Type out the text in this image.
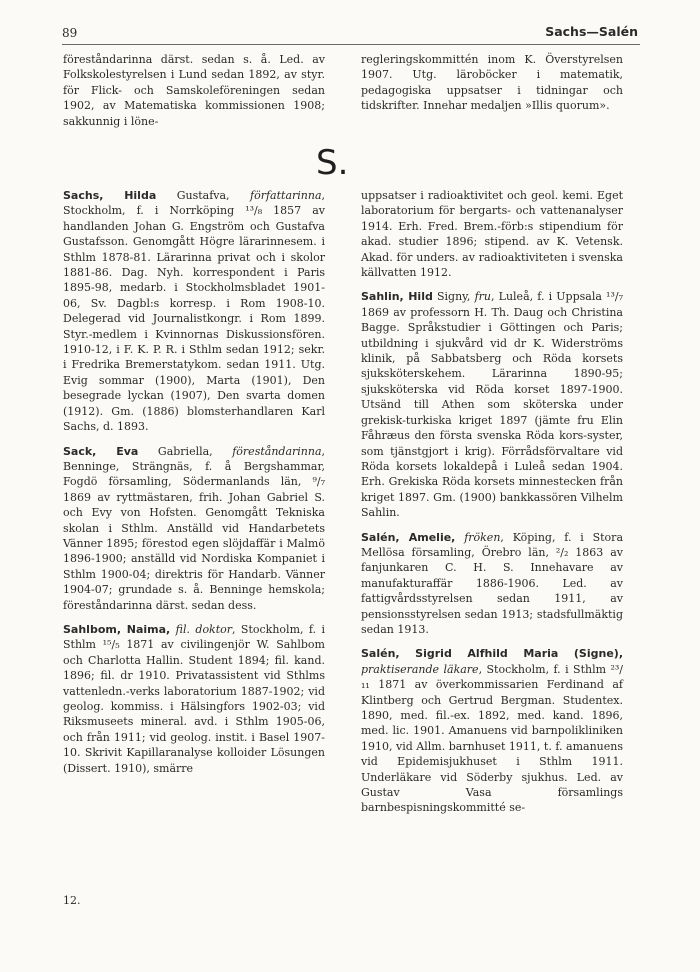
89	Sachs—Salén

föreståndarinna därst. sedan s. å. Led. av Folkskolestyrelsen i Lund sedan 1892, av styr. för Flick- och Samskoleföreningen sedan 1902, av Matematiska kommissionen 1908; sakkunnig i löne-

regleringskommittén inom K. Överstyrelsen 1907. Utg. läroböcker i matematik, pedagogiska uppsatser i tidningar och tidskrifter. Innehar medaljen »Illis quorum».

S.

Sachs, Hilda Gustafva, författarinna, Stockholm, f. i Norrköping ¹³/₈ 1857 av handlanden Johan G. Engström och Gustafva Gustafsson. Genomgått Högre lärarinnesem. i Sthlm 1878-81. Lärarinna privat och i skolor 1881-86. Dag. Nyh. korrespondent i Paris 1895-98, medarb. i Stockholmsbladet 1901-06, Sv. Dagbl:s korresp. i Rom 1908-10. Delegerad vid Journalistkongr. i Rom 1899. Styr.-medlem i Kvinnornas Diskussionsfören. 1910-12, i F. K. P. R. i Sthlm sedan 1912; sekr. i Fredrika Bremerstatykom. sedan 1911. Utg. Evig sommar (1900), Marta (1901), Den besegrade lyckan (1907), Den svarta domen (1912). Gm. (1886) blomsterhandlaren Karl Sachs, d. 1893.

Sack, Eva Gabriella, föreståndarinna, Benninge, Strängnäs, f. å Bergshammar, Fogdö församling, Södermanlands län, ⁹/₇ 1869 av ryttmästaren, frih. Johan Gabriel S. och Evy von Hofsten. Genomgått Tekniska skolan i Sthlm. Anställd vid Handarbetets Vänner 1895; förestod egen slöjdaffär i Malmö 1896-1900; anställd vid Nordiska Kompaniet i Sthlm 1900-04; direktris för Handarb. Vänner 1904-07; grundade s. å. Benninge hemskola; föreståndarinna därst. sedan dess.

Sahlbom, Naima, fil. doktor, Stockholm, f. i Sthlm ¹⁵/₅ 1871 av civilingenjör W. Sahlbom och Charlotta Hallin. Student 1894; fil. kand. 1896; fil. dr 1910. Privatassistent vid Sthlms vattenledn.-verks laboratorium 1887-1902; vid geolog. kommiss. i Hälsingfors 1902-03; vid Riksmuseets mineral. avd. i Sthlm 1905-06, och från 1911; vid geolog. instit. i Basel 1907-10. Skrivit Kapillaranalyse kolloider Lösungen (Dissert. 1910), smärre

uppsatser i radioaktivitet och geol. kemi. Eget laboratorium för bergarts- och vattenanalyser 1914. Erh. Fred. Brem.-förb:s stipendium för akad. studier 1896; stipend. av K. Vetensk. Akad. för unders. av radioaktiviteten i svenska källvatten 1912.

Sahlin, Hild Signy, fru, Luleå, f. i Uppsala ¹³/₇ 1869 av professorn H. Th. Daug och Christina Bagge. Språkstudier i Göttingen och Paris; utbildning i sjukvård vid dr K. Widerströms klinik, på Sabbatsberg och Röda korsets sjuksköterskehem. Lärarinna 1890-95; sjuksköterska vid Röda korset 1897-1900. Utsänd till Athen som sköterska under grekisk-turkiska kriget 1897 (jämte fru Elin Fåhræus den första svenska Röda kors-syster, som tjänstgjort i krig). Förrådsförvaltare vid Röda korsets lokaldepå i Luleå sedan 1904. Erh. Grekiska Röda korsets minnestecken från kriget 1897. Gm. (1900) bankkassören Vilhelm Sahlin.

Salén, Amelie, fröken, Köping, f. i Stora Mellösa församling, Örebro län, ²/₂ 1863 av fanjunkaren C. H. S. Innehavare av manufakturaffär 1886-1906. Led. av fattigvårdsstyrelsen sedan 1911, av pensionsstyrelsen sedan 1913; stadsfullmäktig sedan 1913.

Salén, Sigrid Alfhild Maria (Signe), praktiserande läkare, Stockholm, f. i Sthlm ²³/₁₁ 1871 av överkommissarien Ferdinand af Klintberg och Gertrud Bergman. Studentex. 1890, med. fil.-ex. 1892, med. kand. 1896, med. lic. 1901. Amanuens vid barnpolikliniken 1910, vid Allm. barnhuset 1911, t. f. amanuens vid Epidemisjukhuset i Sthlm 1911. Underläkare vid Söderby sjukhus. Led. av Gustav Vasa församlings barnbespisningskommitté se-

12.
